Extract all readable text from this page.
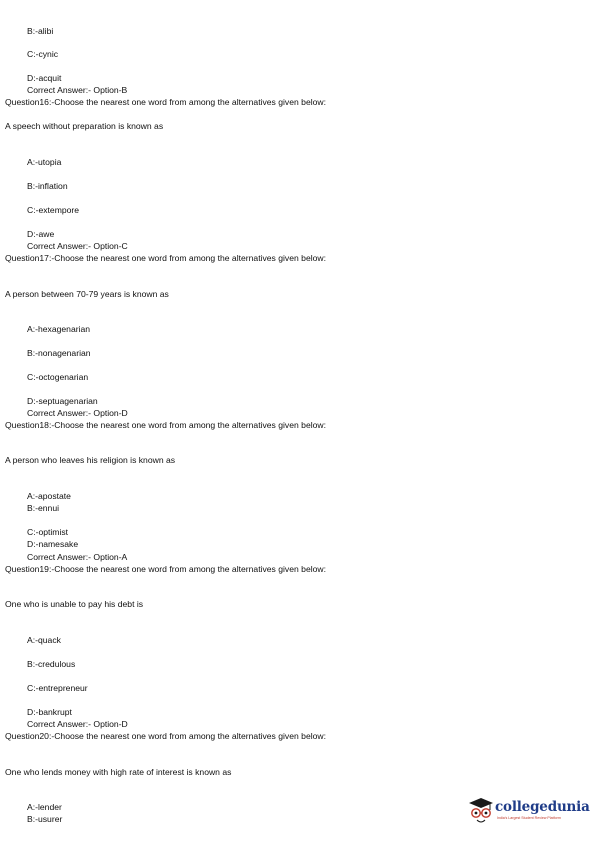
B:-alibi
C:-cynic
D:-acquit
Correct Answer:- Option-B
Question16:-Choose the nearest one word from among the alternatives given below:
A speech without preparation is known as
A:-utopia
B:-inflation
C:-extempore
D:-awe
Correct Answer:- Option-C
Question17:-Choose the nearest one word from among the alternatives given below:
A person between 70-79 years is known as
A:-hexagenarian
B:-nonagenarian
C:-octogenarian
D:-septuagenarian
Correct Answer:- Option-D
Question18:-Choose the nearest one word from among the alternatives given below:
A person who leaves his religion is known as
A:-apostate
B:-ennui
C:-optimist
D:-namesake
Correct Answer:- Option-A
Question19:-Choose the nearest one word from among the alternatives given below:
One who is unable to pay his debt is
A:-quack
B:-credulous
C:-entrepreneur
D:-bankrupt
Correct Answer:- Option-D
Question20:-Choose the nearest one word from among the alternatives given below:
One who lends money with high rate of interest is known as
A:-lender
B:-usurer
collegedunia
India's Largest Student Review Platform
